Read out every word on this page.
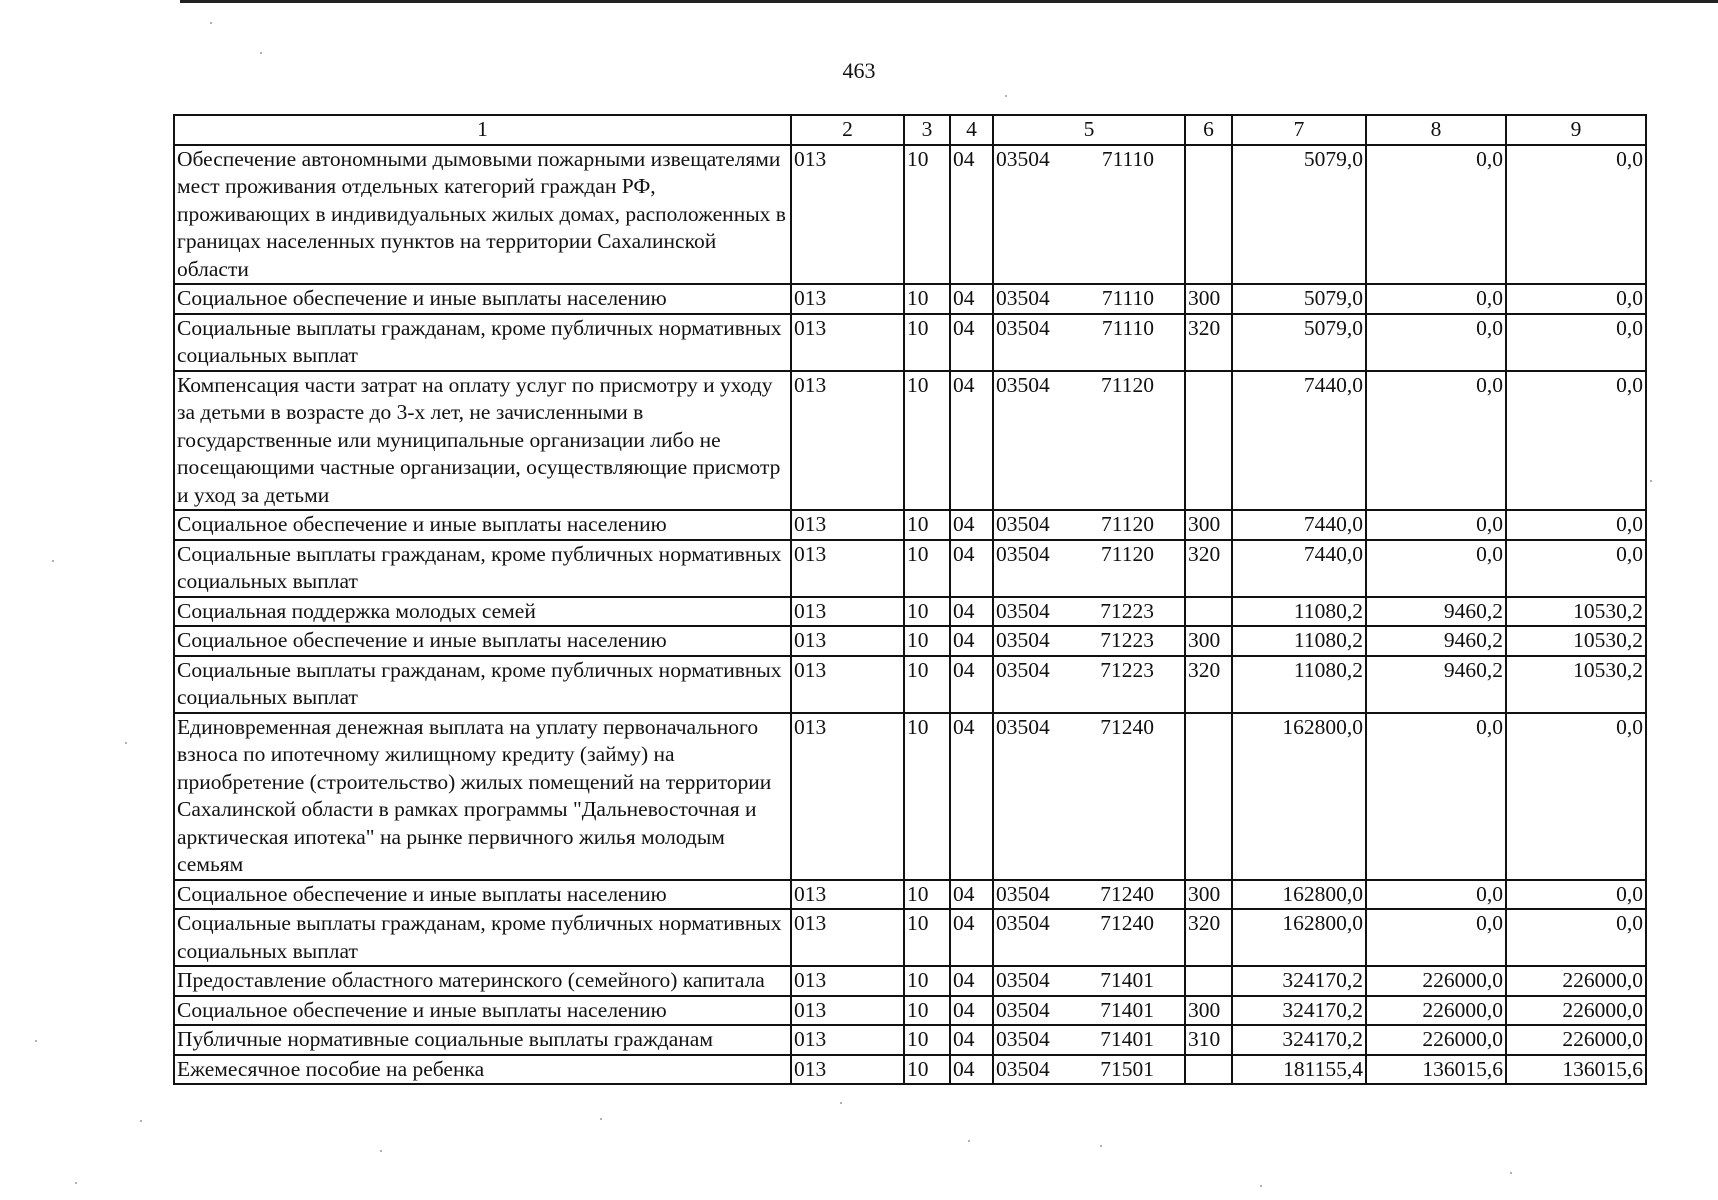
463
1	2	3	4	5	6	7	8	9
Обеспечение автономными дымовыми пожарными извещателями мест проживания отдельных категорий граждан РФ, проживающих в индивидуальных жилых домах, расположенных в границах населенных пунктов на территории Сахалинской области	013	10	04	03504 71110		5079,0	0,0	0,0
Социальное обеспечение и иные выплаты населению	013	10	04	03504 71110	300	5079,0	0,0	0,0
Социальные выплаты гражданам, кроме публичных нормативных социальных выплат	013	10	04	03504 71110	320	5079,0	0,0	0,0
Компенсация части затрат на оплату услуг по присмотру и уходу за детьми в возрасте до 3-х лет, не зачисленными в государственные или муниципальные организации либо не посещающими частные организации, осуществляющие присмотр и уход за детьми	013	10	04	03504 71120		7440,0	0,0	0,0
Социальное обеспечение и иные выплаты населению	013	10	04	03504 71120	300	7440,0	0,0	0,0
Социальные выплаты гражданам, кроме публичных нормативных социальных выплат	013	10	04	03504 71120	320	7440,0	0,0	0,0
Социальная поддержка молодых семей	013	10	04	03504 71223		11080,2	9460,2	10530,2
Социальное обеспечение и иные выплаты населению	013	10	04	03504 71223	300	11080,2	9460,2	10530,2
Социальные выплаты гражданам, кроме публичных нормативных социальных выплат	013	10	04	03504 71223	320	11080,2	9460,2	10530,2
Единовременная денежная выплата на уплату первоначального взноса по ипотечному жилищному кредиту (займу) на приобретение (строительство) жилых помещений на территории Сахалинской области в рамках программы "Дальневосточная и арктическая ипотека" на рынке первичного жилья молодым семьям	013	10	04	03504 71240		162800,0	0,0	0,0
Социальное обеспечение и иные выплаты населению	013	10	04	03504 71240	300	162800,0	0,0	0,0
Социальные выплаты гражданам, кроме публичных нормативных социальных выплат	013	10	04	03504 71240	320	162800,0	0,0	0,0
Предоставление областного материнского (семейного) капитала	013	10	04	03504 71401		324170,2	226000,0	226000,0
Социальное обеспечение и иные выплаты населению	013	10	04	03504 71401	300	324170,2	226000,0	226000,0
Публичные нормативные социальные выплаты гражданам	013	10	04	03504 71401	310	324170,2	226000,0	226000,0
Ежемесячное пособие на ребенка	013	10	04	03504 71501		181155,4	136015,6	136015,6
